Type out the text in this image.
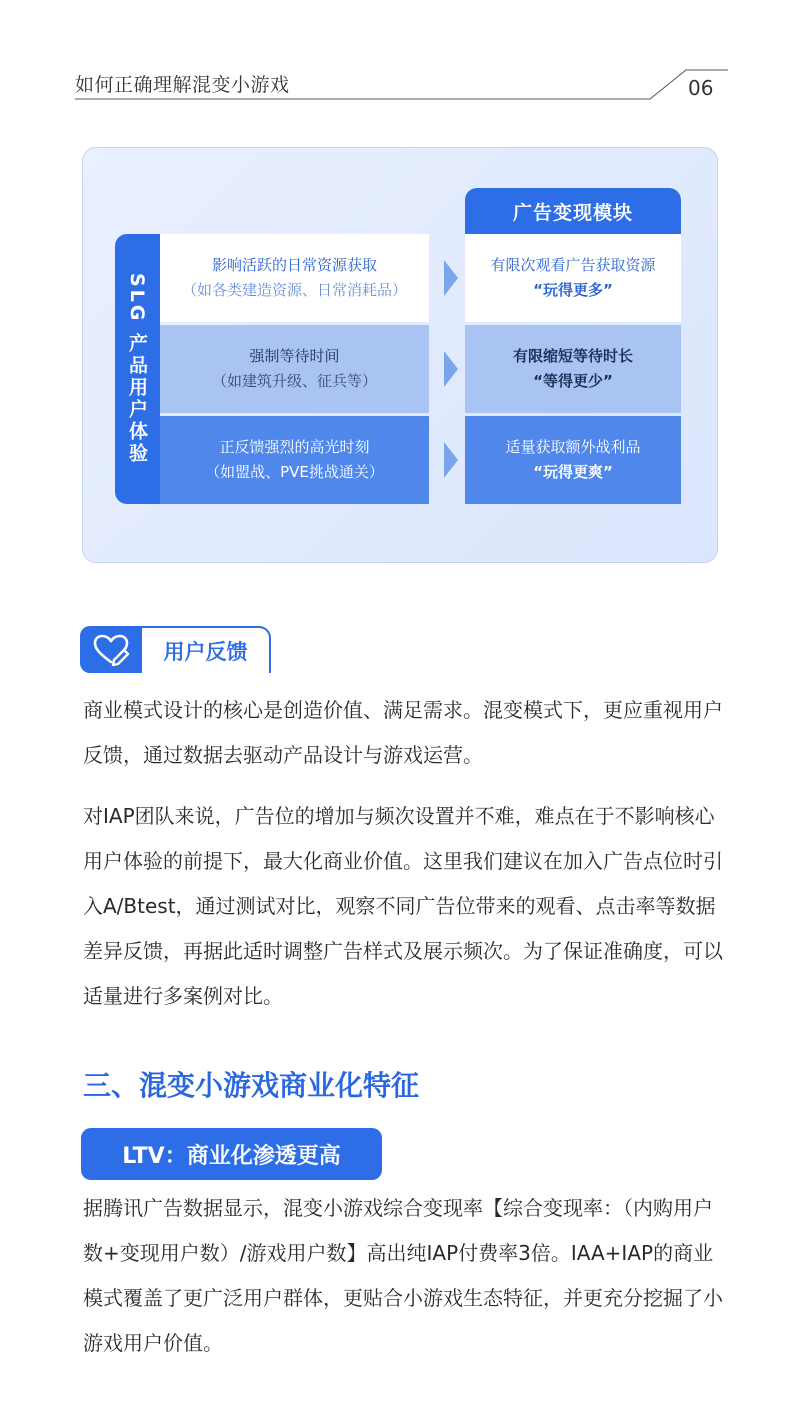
如何正确理解混变小游戏	06
SLG 产品用户体验
影响活跃的日常资源获取
（如各类建造资源、日常消耗品）
强制等待时间
（如建筑升级、征兵等）
正反馈强烈的高光时刻
（如盟战、PVE挑战通关）
广告变现模块
有限次观看广告获取资源
“玩得更多”
有限缩短等待时长
“等得更少”
适量获取额外战利品
“玩得更爽”
用户反馈

商业模式设计的核心是创造价值、满足需求。混变模式下，更应重视用户反馈，通过数据去驱动产品设计与游戏运营。

对IAP团队来说，广告位的增加与频次设置并不难，难点在于不影响核心用户体验的前提下，最大化商业价值。这里我们建议在加入广告点位时引入A/Btest，通过测试对比，观察不同广告位带来的观看、点击率等数据差异反馈，再据此适时调整广告样式及展示频次。为了保证准确度，可以适量进行多案例对比。

三、混变小游戏商业化特征
LTV：商业化渗透更高

据腾讯广告数据显示，混变小游戏综合变现率【综合变现率：（内购用户数+变现用户数）/游戏用户数】高出纯IAP付费率3倍。IAA+IAP的商业模式覆盖了更广泛用户群体，更贴合小游戏生态特征，并更充分挖掘了小游戏用户价值。
